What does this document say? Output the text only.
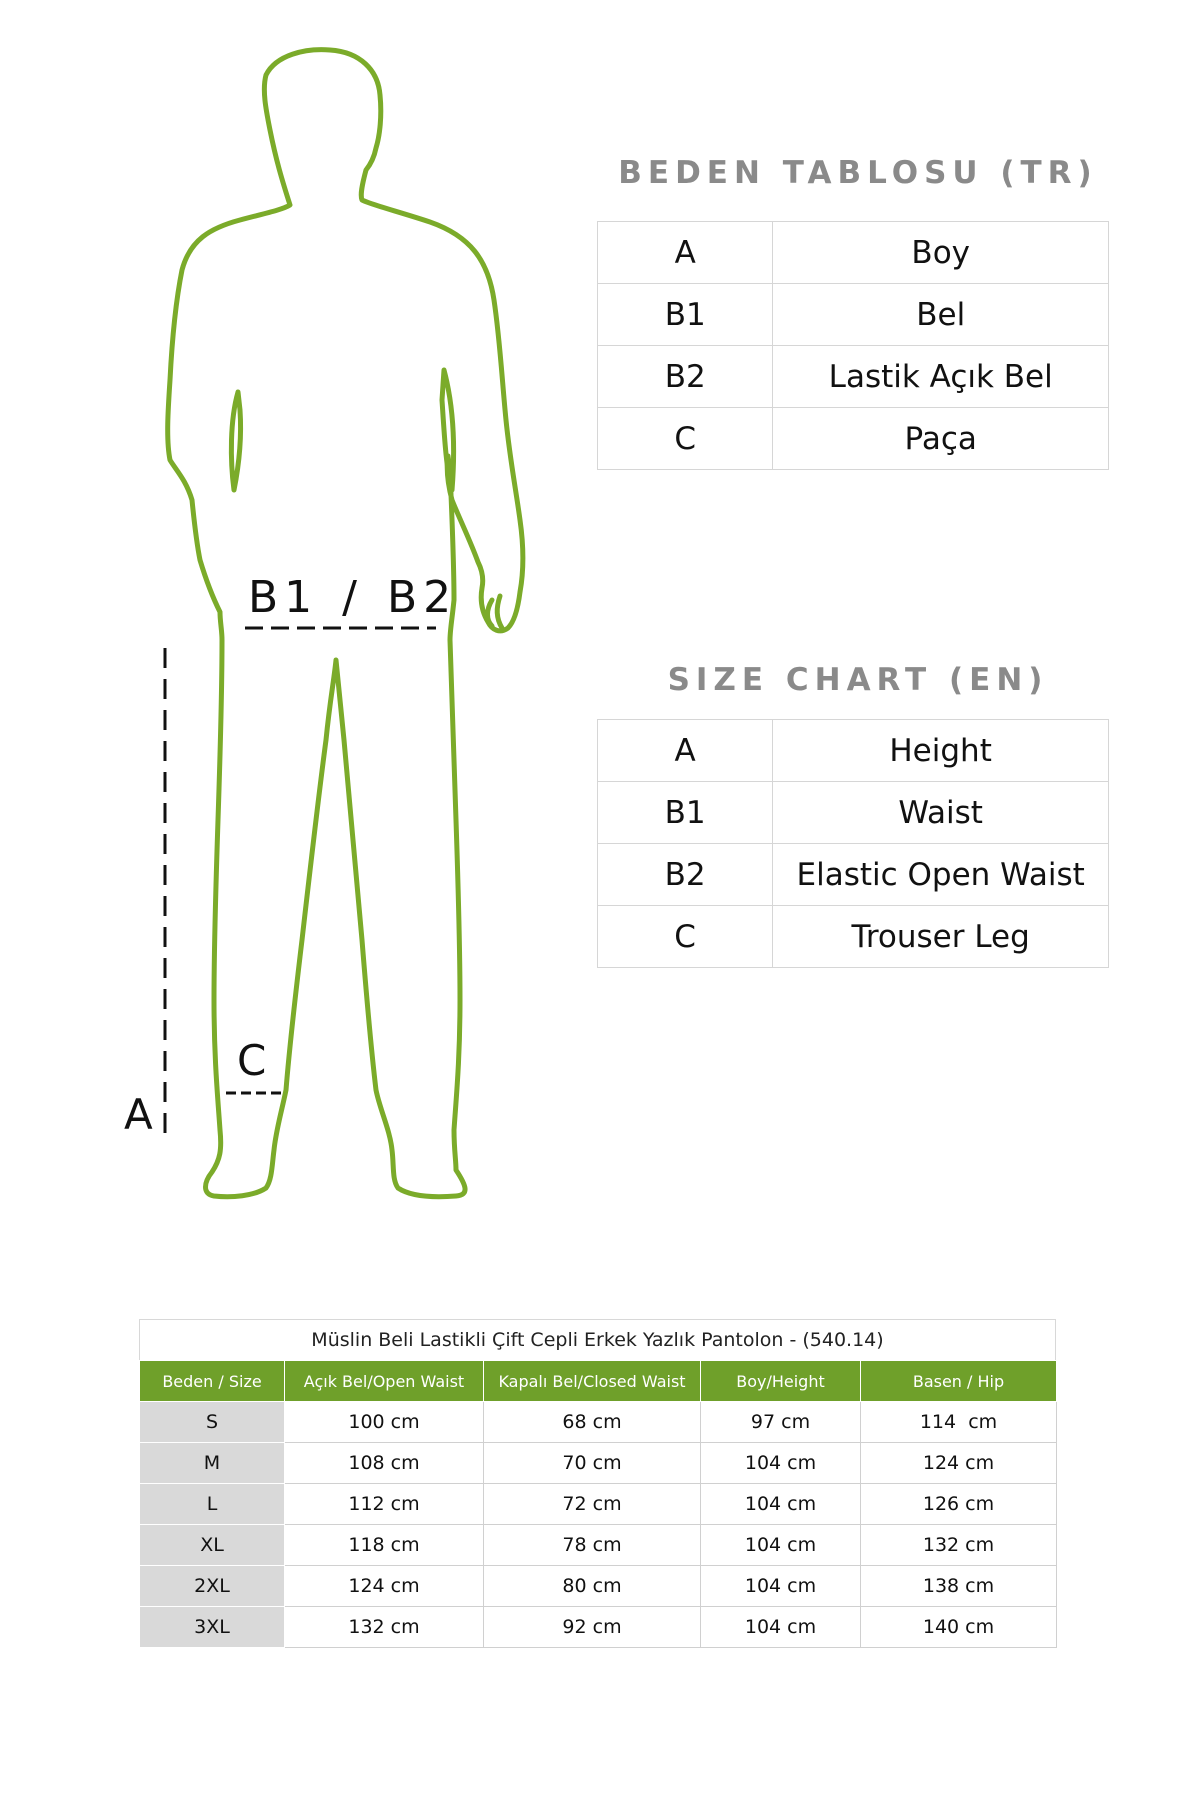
B1 / B2
C
A
BEDEN TABLOSU (TR)
A	Boy
B1	Bel
B2	Lastik Açık Bel
C	Paça
SIZE CHART (EN)
A	Height
B1	Waist
B2	Elastic Open Waist
C	Trouser Leg
Müslin Beli Lastikli Çift Cepli Erkek Yazlık Pantolon - (540.14)
Beden / Size	Açık Bel/Open Waist	Kapalı Bel/Closed Waist	Boy/Height	Basen / Hip
S	100 cm	68 cm	97 cm	114  cm
M	108 cm	70 cm	104 cm	124 cm
L	112 cm	72 cm	104 cm	126 cm
XL	118 cm	78 cm	104 cm	132 cm
2XL	124 cm	80 cm	104 cm	138 cm
3XL	132 cm	92 cm	104 cm	140 cm
